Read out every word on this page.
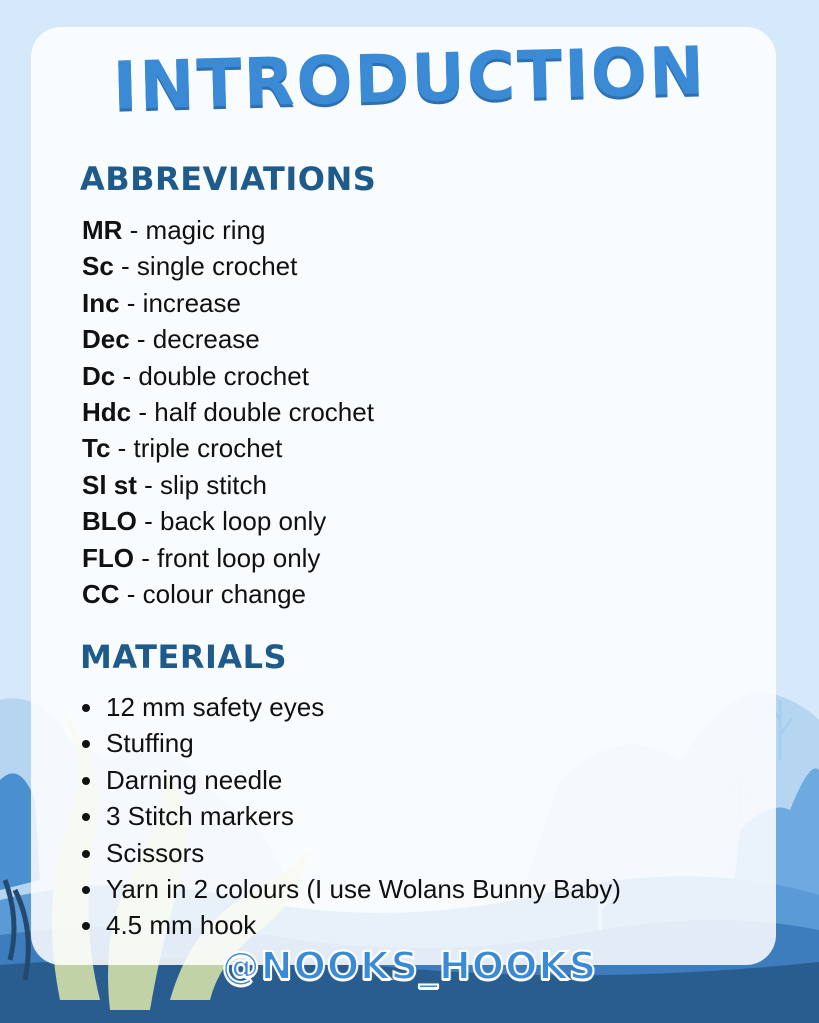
INTRODUCTION
ABBREVIATIONS
MR - magic ring
Sc - single crochet
Inc - increase
Dec - decrease
Dc - double crochet
Hdc - half double crochet
Tc - triple crochet
Sl st - slip stitch
BLO - back loop only
FLO - front loop only
CC - colour change
MATERIALS
12 mm safety eyes
Stuffing
Darning needle
3 Stitch markers
Scissors
Yarn in 2 colours (I use Wolans Bunny Baby)
4.5 mm hook
@NOOKS_HOOKS
